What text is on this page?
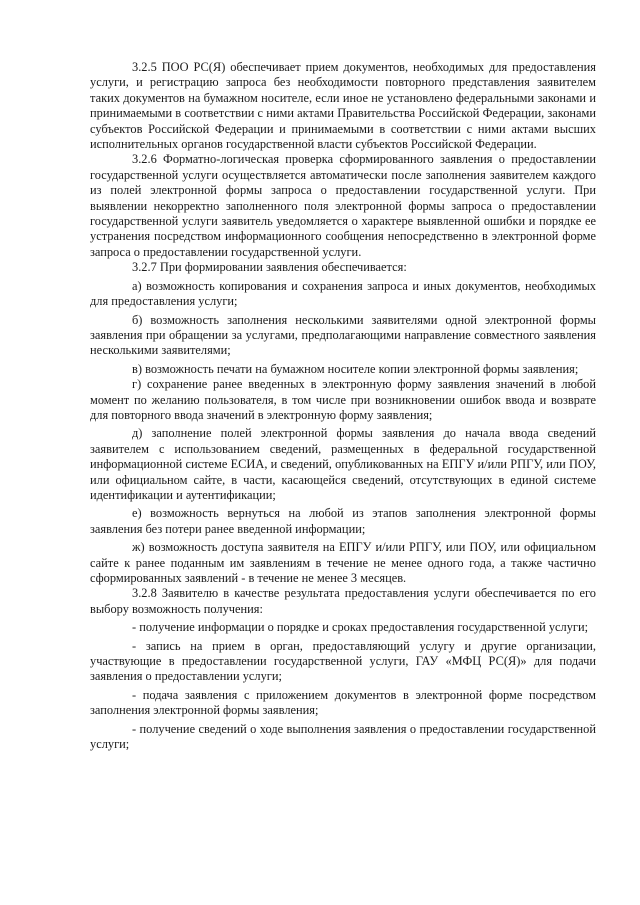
3.2.5 ПОО РС(Я) обеспечивает прием документов, необходимых для предоставления услуги, и регистрацию запроса без необходимости повторного представления заявителем таких документов на бумажном носителе, если иное не установлено федеральными законами и принимаемыми в соответствии с ними актами Правительства Российской Федерации, законами субъектов Российской Федерации и принимаемыми в соответствии с ними актами высших исполнительных органов государственной власти субъектов Российской Федерации.

3.2.6 Форматно-логическая проверка сформированного заявления о предоставлении государственной услуги осуществляется автоматически после заполнения заявителем каждого из полей электронной формы запроса о предоставлении государственной услуги. При выявлении некорректно заполненного поля электронной формы запроса о предоставлении государственной услуги заявитель уведомляется о характере выявленной ошибки и порядке ее устранения посредством информационного сообщения непосредственно в электронной форме запроса о предоставлении государственной услуги.

3.2.7 При формировании заявления обеспечивается:

а) возможность копирования и сохранения запроса и иных документов, необходимых для предоставления услуги;

б) возможность заполнения несколькими заявителями одной электронной формы заявления при обращении за услугами, предполагающими направление совместного заявления несколькими заявителями;

в) возможность печати на бумажном носителе копии электронной формы заявления;

г) сохранение ранее введенных в электронную форму заявления значений в любой момент по желанию пользователя, в том числе при возникновении ошибок ввода и возврате для повторного ввода значений в электронную форму заявления;

д) заполнение полей электронной формы заявления до начала ввода сведений заявителем с использованием сведений, размещенных в федеральной государственной информационной системе ЕСИА, и сведений, опубликованных на ЕПГУ и/или РПГУ, или ПОУ, или официальном сайте, в части, касающейся сведений, отсутствующих в единой системе идентификации и аутентификации;

е) возможность вернуться на любой из этапов заполнения электронной формы заявления без потери ранее введенной информации;

ж) возможность доступа заявителя на ЕПГУ и/или РПГУ, или ПОУ, или официальном сайте к ранее поданным им заявлениям в течение не менее одного года, а также частично сформированных заявлений - в течение не менее 3 месяцев.

3.2.8 Заявителю в качестве результата предоставления услуги обеспечивается по его выбору возможность получения:

- получение информации о порядке и сроках предоставления государственной услуги;

- запись на прием в орган, предоставляющий услугу и другие организации, участвующие в предоставлении государственной услуги, ГАУ «МФЦ РС(Я)» для подачи заявления о предоставлении услуги;

- подача заявления с приложением документов в электронной форме посредством заполнения электронной формы заявления;

- получение сведений о ходе выполнения заявления о предоставлении государственной услуги;
